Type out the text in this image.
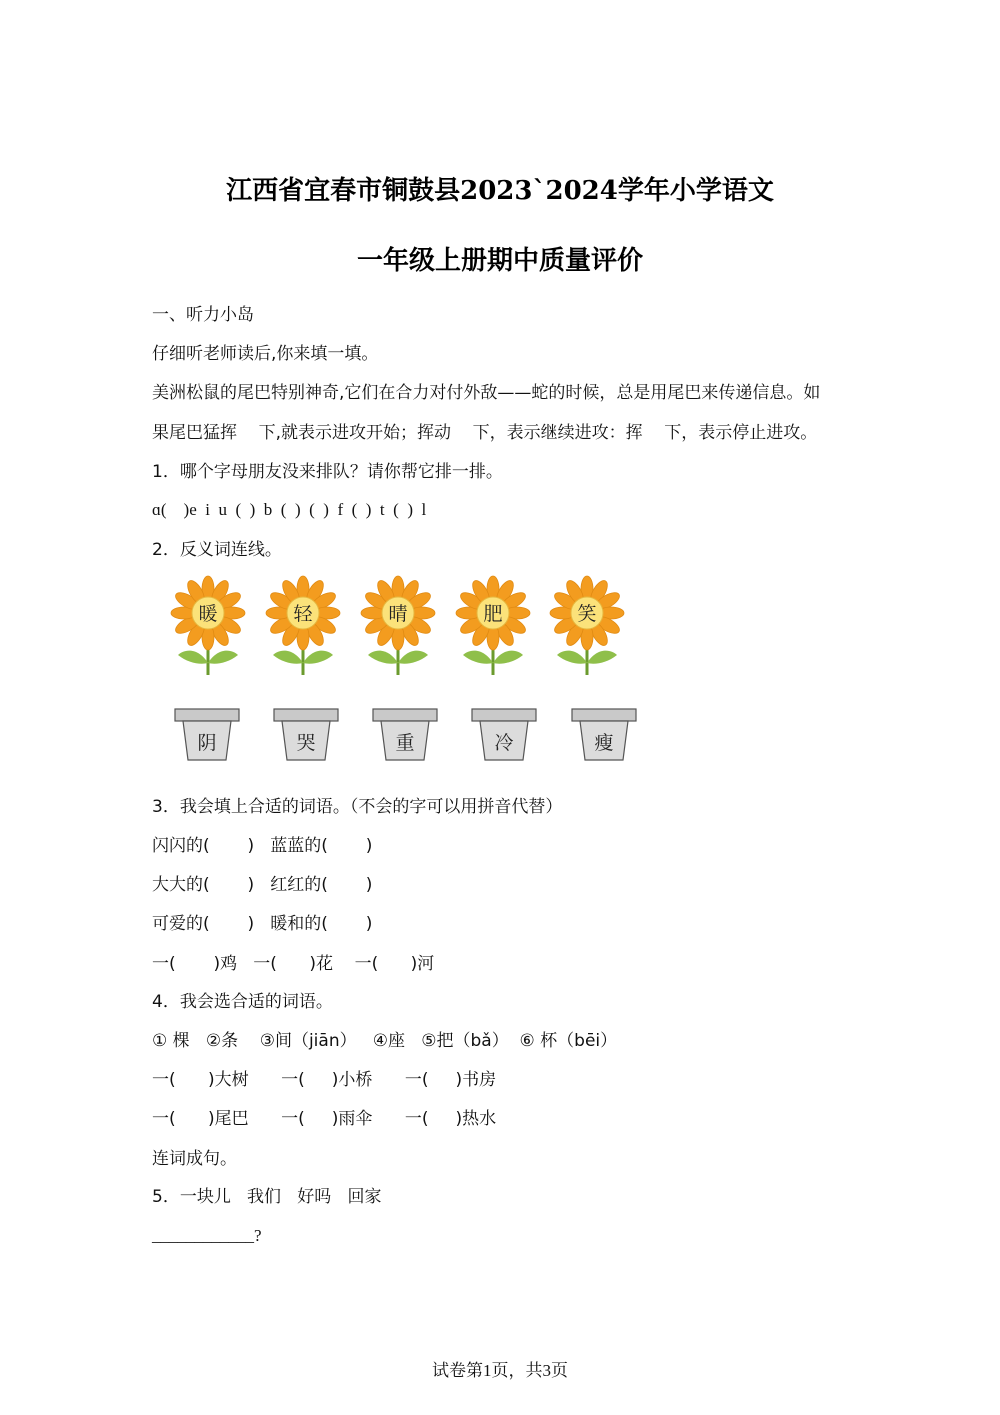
江西省宜春市铜鼓县2023`2024学年小学语文
一年级上册期中质量评价
一、听力小岛
仔细听老师读后,你来填一填。
美洲松鼠的尾巴特别神奇,它们在合力对付外敌——蛇的时候，总是用尾巴来传递信息。如
果尾巴猛挥    下,就表示进攻开始；挥动    下，表示继续进攻：挥    下，表示停止进攻。
1．哪个字母朋友没来排队？请你帮它排一排。
ɑ(    )e  i  u  (  )  b  (  )  (  )  f  (  )  t  (  )  l
2．反义词连线。
暖	轻	晴	肥	笑
阴	哭	重	冷	瘦
3．我会填上合适的词语。（不会的字可以用拼音代替）
闪闪的(       )   蓝蓝的(       )
大大的(       )   红红的(       )
可爱的(       )   暖和的(       )
一(       )鸡   一(      )花    一(      )河
4．我会选合适的词语。
① 棵   ②条    ③间（jiān）   ④座   ⑤把（bǎ）  ⑥ 杯（bēi）
一(      )大树      一(     )小桥      一(     )书房
一(      )尾巴      一(     )雨伞      一(     )热水
连词成句。
5．一块儿   我们   好吗   回家
____________?
试卷第1页，共3页
